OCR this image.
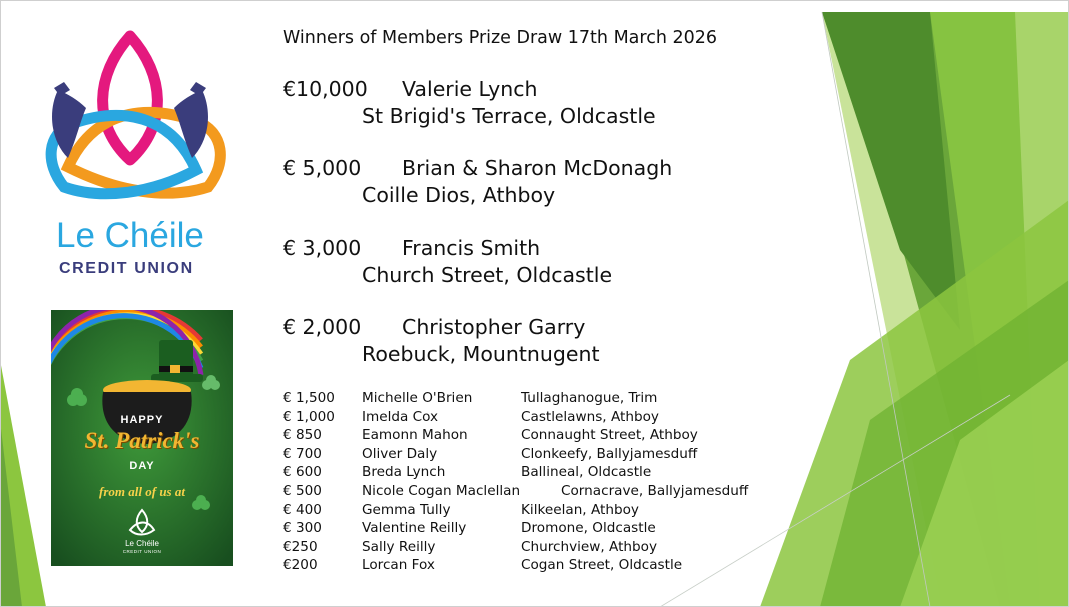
Le Chéile
CREDIT UNION
HAPPY
St. Patrick's
DAY
from all of us at
Le Chéile
CREDIT UNION
Winners of Members Prize Draw 17th March 2026
€10,000 Valerie Lynch
St Brigid's Terrace, Oldcastle
€ 5,000 Brian & Sharon McDonagh
Coille Dios, Athboy
€ 3,000 Francis Smith
Church Street, Oldcastle
€ 2,000 Christopher Garry
Roebuck, Mountnugent
€ 1,500 Michelle O'Brien	Tullaghanogue, Trim
€ 1,000 Imelda Cox	Castlelawns, Athboy
€ 850	Eamonn Mahon	Connaught Street, Athboy
€ 700	Oliver Daly	Clonkeefy, Ballyjamesduff
€ 600	Breda Lynch	Ballineal, Oldcastle
€ 500	Nicole Cogan Maclellan	Cornacrave, Ballyjamesduff
€ 400	Gemma Tully	Kilkeelan, Athboy
€ 300	Valentine Reilly	Dromone, Oldcastle
€250	Sally Reilly	Churchview, Athboy
€200	Lorcan Fox	Cogan Street, Oldcastle
